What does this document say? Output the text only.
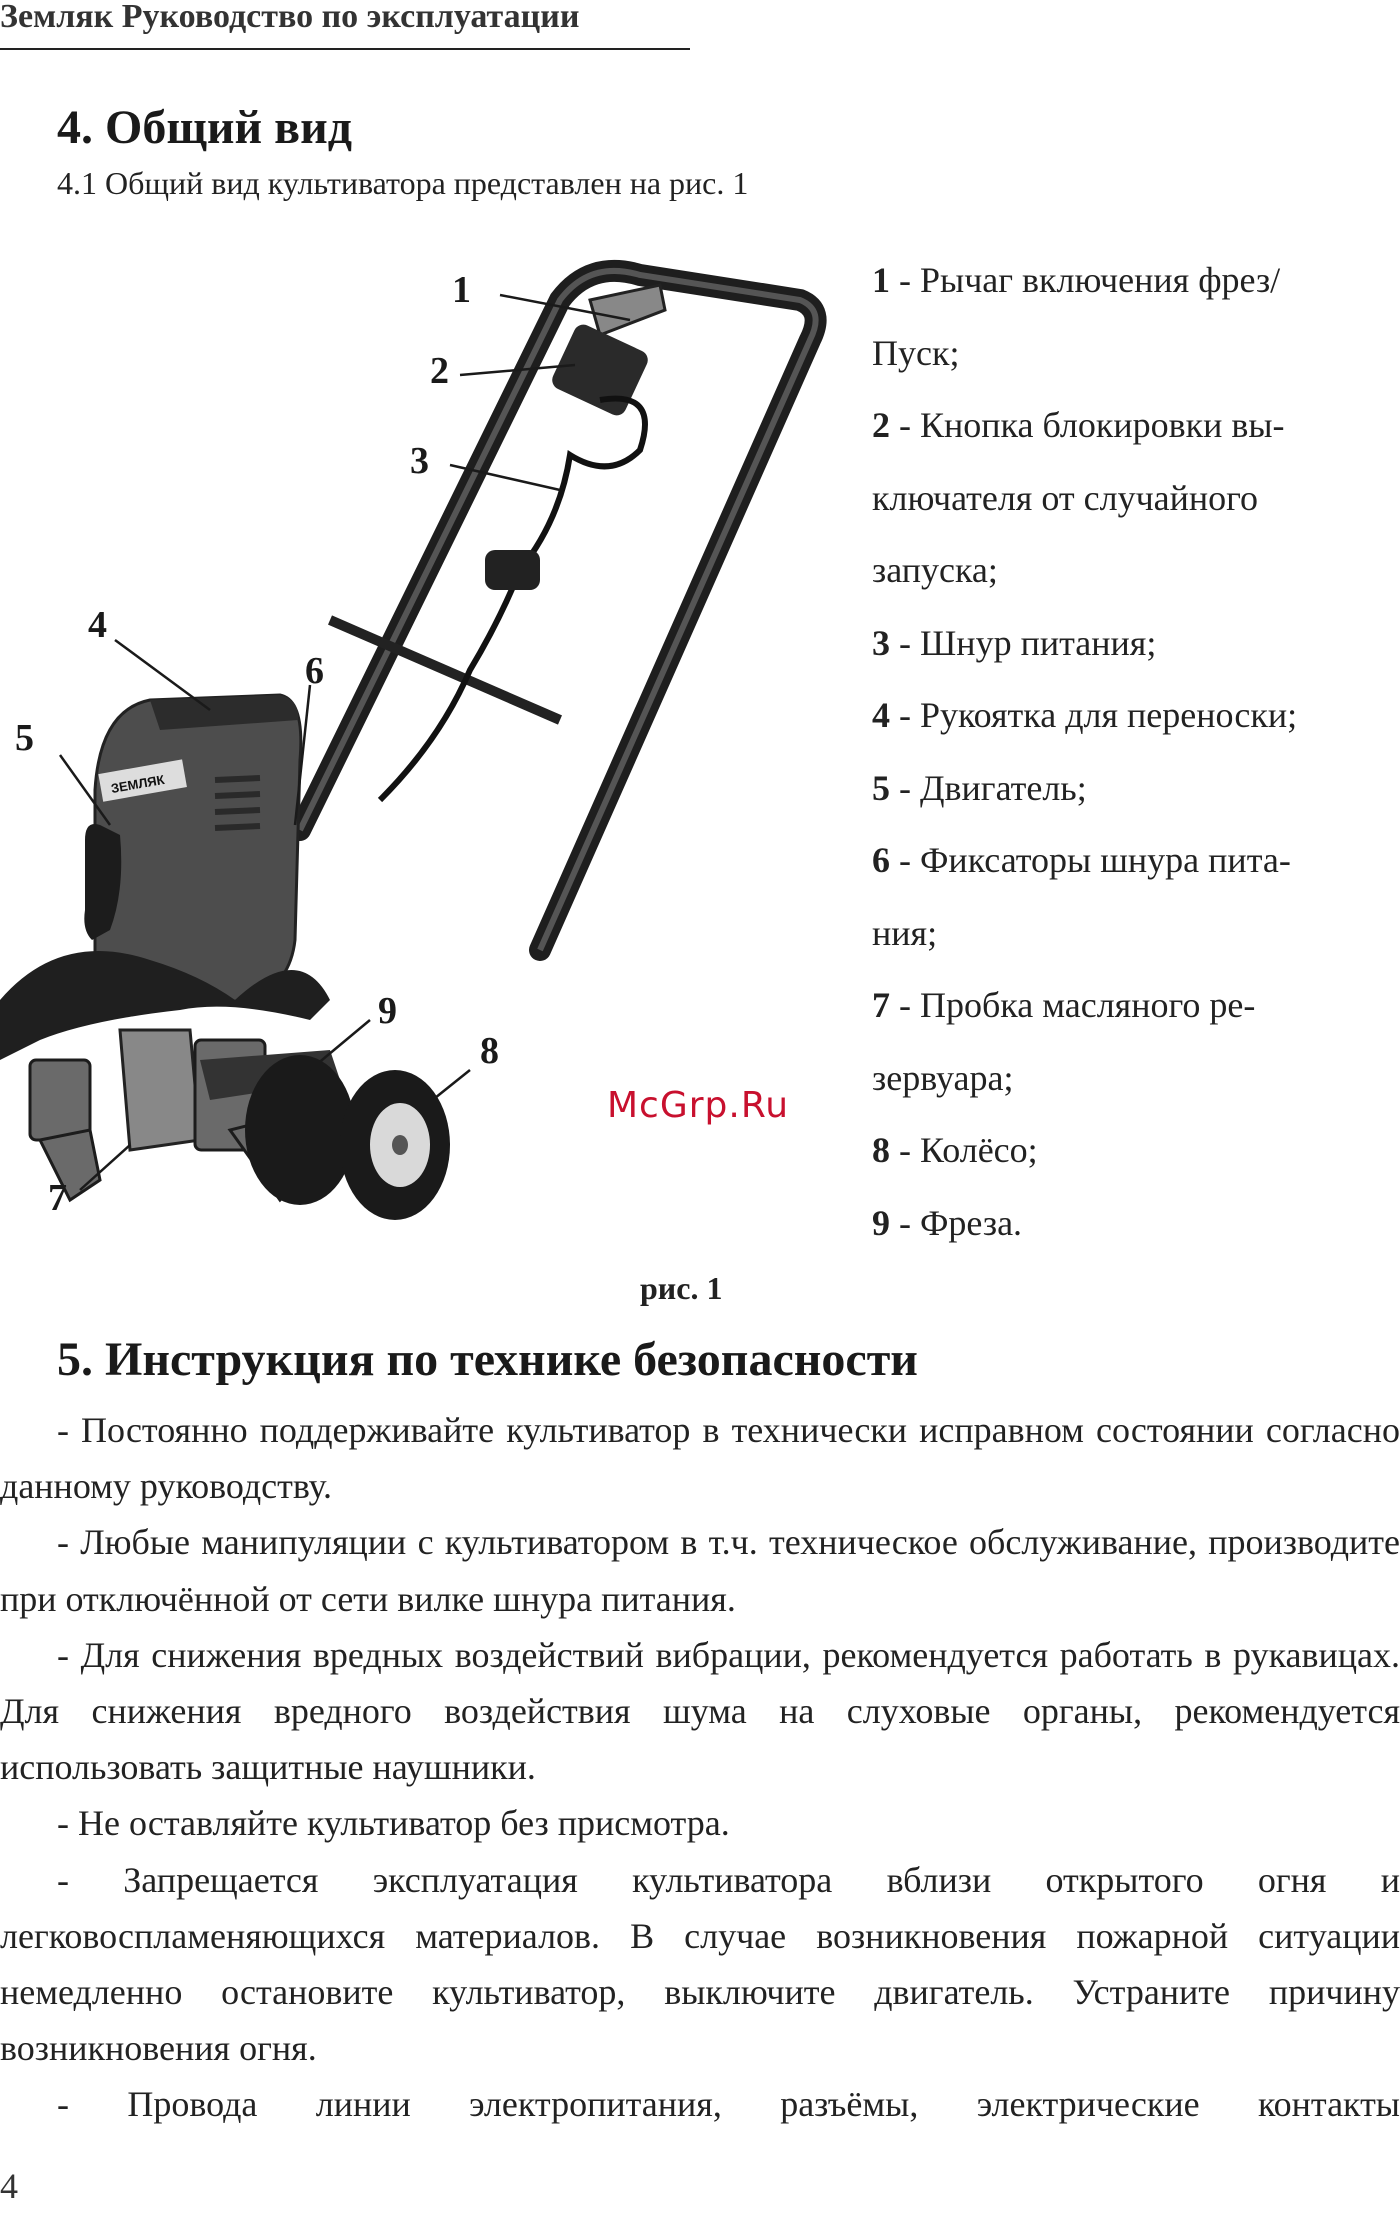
Земляк Руководство по эксплуатации
4. Общий вид
4.1 Общий вид культиватора представлен на рис. 1
ЗЕМЛЯК
1
2
3
4
5
6
7
8
9
1 - Рычаг включения фрез/
Пуск;
2 - Кнопка блокировки вы-
ключателя от случайного
запуска;
3 - Шнур питания;
4 - Рукоятка для переноски;
5 - Двигатель;
6 - Фиксаторы шнура пита-
ния;
7 - Пробка масляного ре-
зервуара;
8 - Колёсо;
9 - Фреза.
McGrp.Ru
рис. 1
5. Инструкция по технике безопасности

- Постоянно поддерживайте культиватор в технически исправном состоянии согласно данному руководству.

- Любые манипуляции с культиватором в т.ч. техническое обслуживание, производите при отключённой от сети вилке шнура питания.

- Для снижения вредных воздействий вибрации, рекомендуется работать в рукавицах. Для снижения вредного воздействия шума на слуховые органы, рекомендуется использовать защитные наушники.

- Не оставляйте культиватор без присмотра.

- Запрещается эксплуатация культиватора вблизи открытого огня и легковоспламеняющихся материалов. В случае возникновения пожарной ситуации немедленно остановите культиватор, выключите двигатель. Устраните причину возникновения огня.

- Провода линии электропитания, разъёмы, электрические контакты

4
